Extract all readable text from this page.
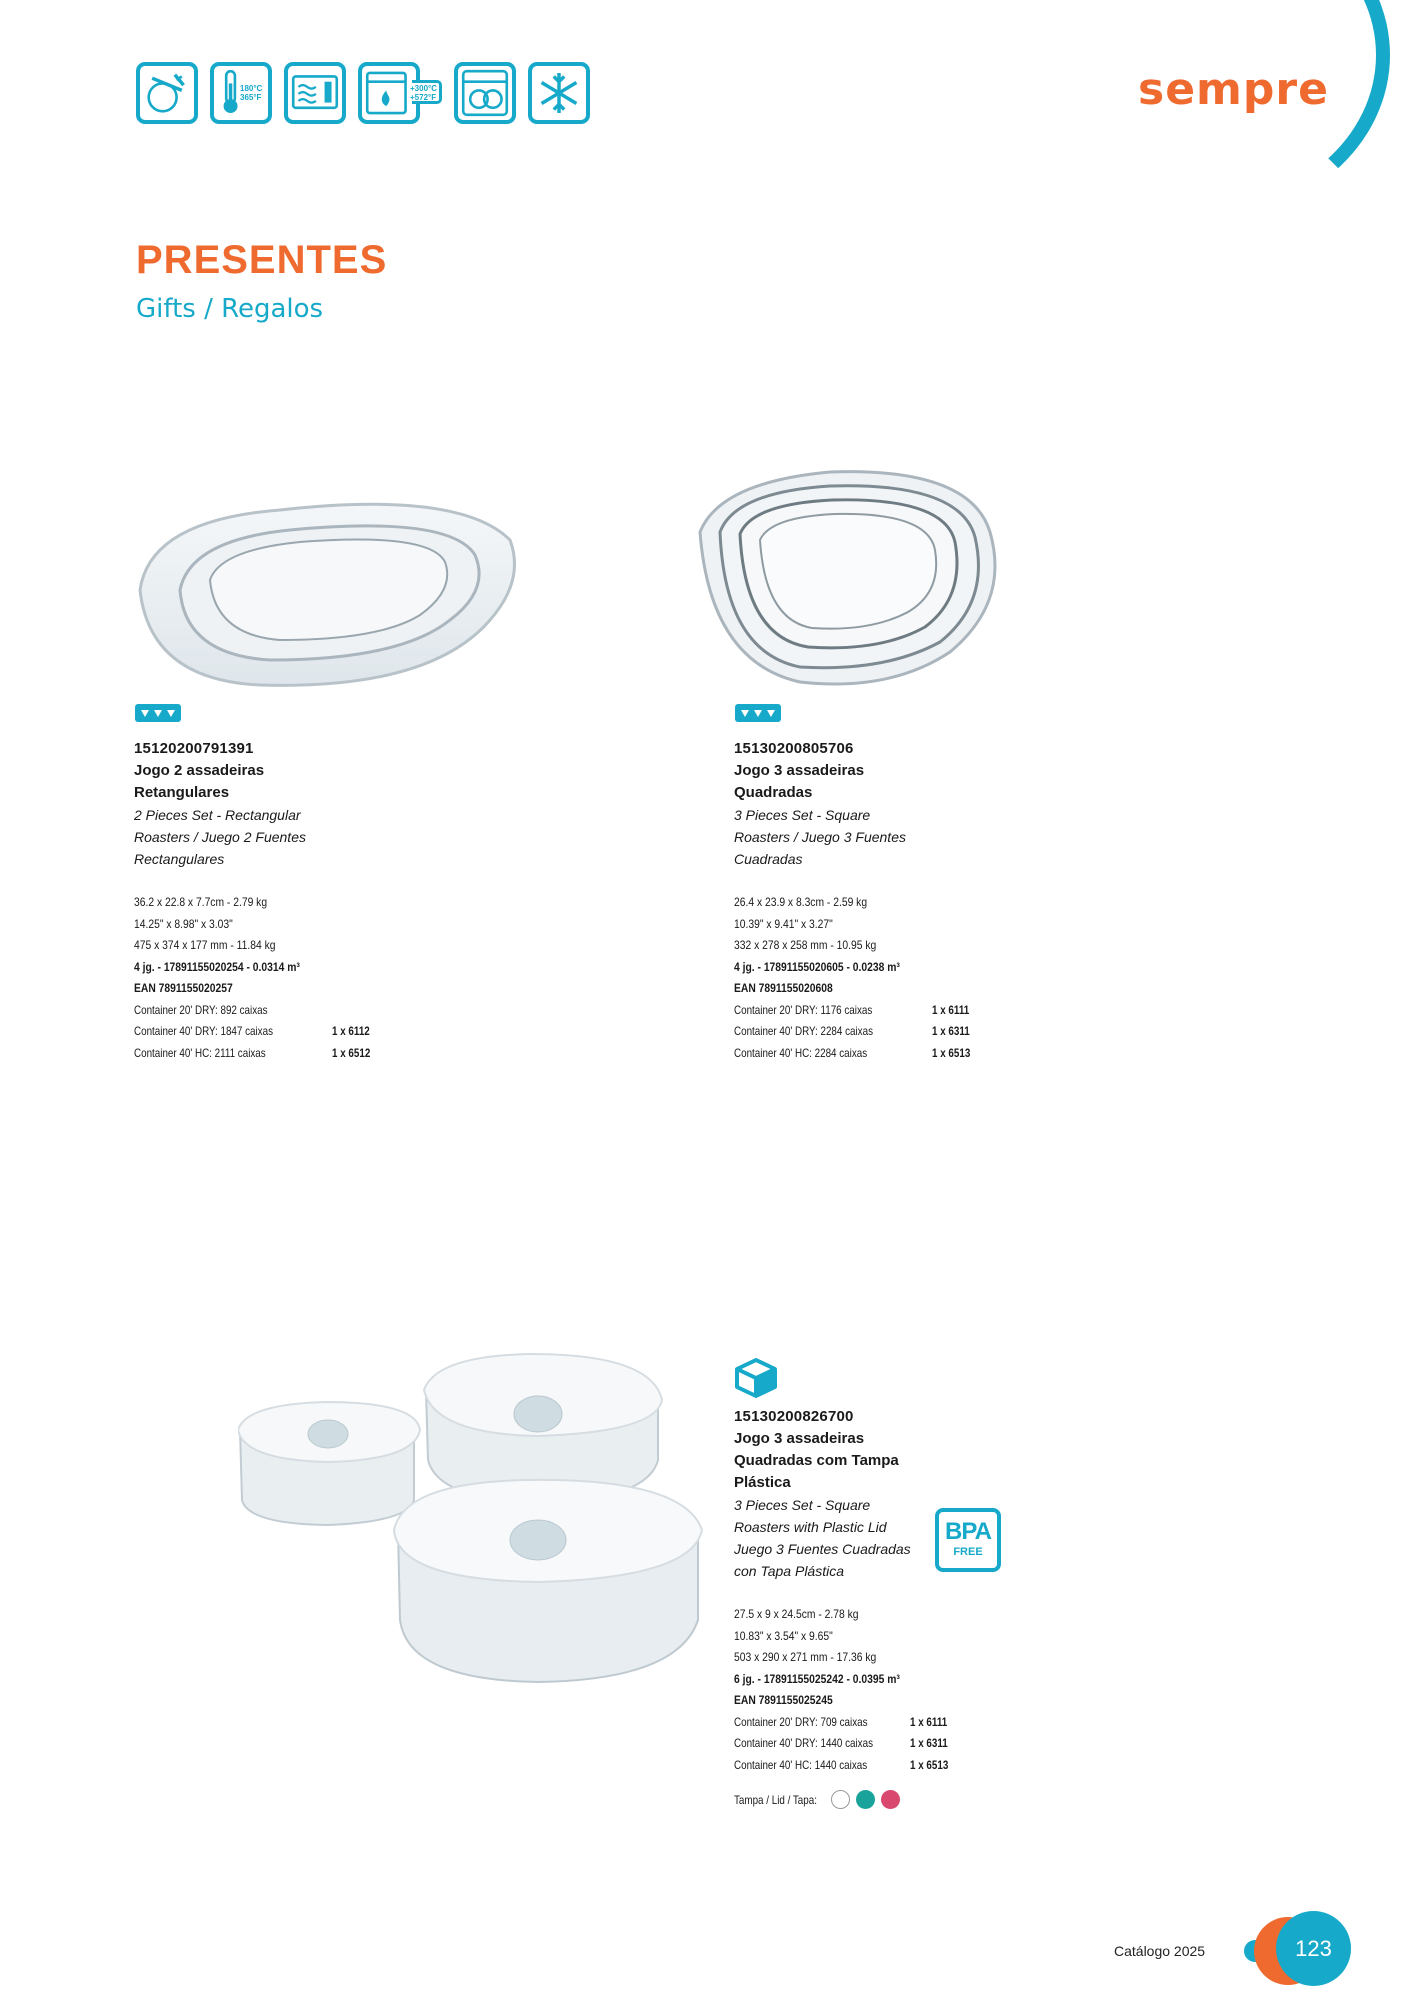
180°C
365°F
+300°C
+572°F	sempre
PRESENTES
Gifts / Regalos
15120200791391
Jogo 2 assadeiras
Retangulares
2 Pieces Set - Rectangular
Roasters / Juego 2 Fuentes
Rectangulares
36.2 x 22.8 x 7.7cm - 2.79 kg
14.25" x 8.98" x 3.03"
475 x 374 x 177 mm - 11.84 kg
4 jg. - 17891155020254 - 0.0314 m³
EAN 7891155020257
Container 20' DRY: 892 caixas
Container 40' DRY: 1847 caixas	1 x 6112
Container 40' HC: 2111 caixas	1 x 6512
15130200805706
Jogo 3 assadeiras
Quadradas
3 Pieces Set - Square
Roasters / Juego 3 Fuentes
Cuadradas
26.4 x 23.9 x 8.3cm - 2.59 kg
10.39" x 9.41" x 3.27"
332 x 278 x 258 mm - 10.95 kg
4 jg. - 17891155020605 - 0.0238 m³
EAN 7891155020608
Container 20' DRY: 1176 caixas	1 x 6111
Container 40' DRY: 2284 caixas	1 x 6311
Container 40' HC: 2284 caixas	1 x 6513
15130200826700
Jogo 3 assadeiras
Quadradas com Tampa
Plástica
3 Pieces Set - Square
Roasters with Plastic Lid
Juego 3 Fuentes Cuadradas
con Tapa Plástica
27.5 x 9 x 24.5cm - 2.78 kg
10.83" x 3.54" x 9.65"
503 x 290 x 271 mm - 17.36 kg
6 jg. - 17891155025242 - 0.0395 m³
EAN 7891155025245
Container 20' DRY: 709 caixas	1 x 6111
Container 40' DRY: 1440 caixas	1 x 6311
Container 40' HC: 1440 caixas	1 x 6513
Tampa / Lid / Tapa:
BPA
FREE
Catálogo 2025	123
